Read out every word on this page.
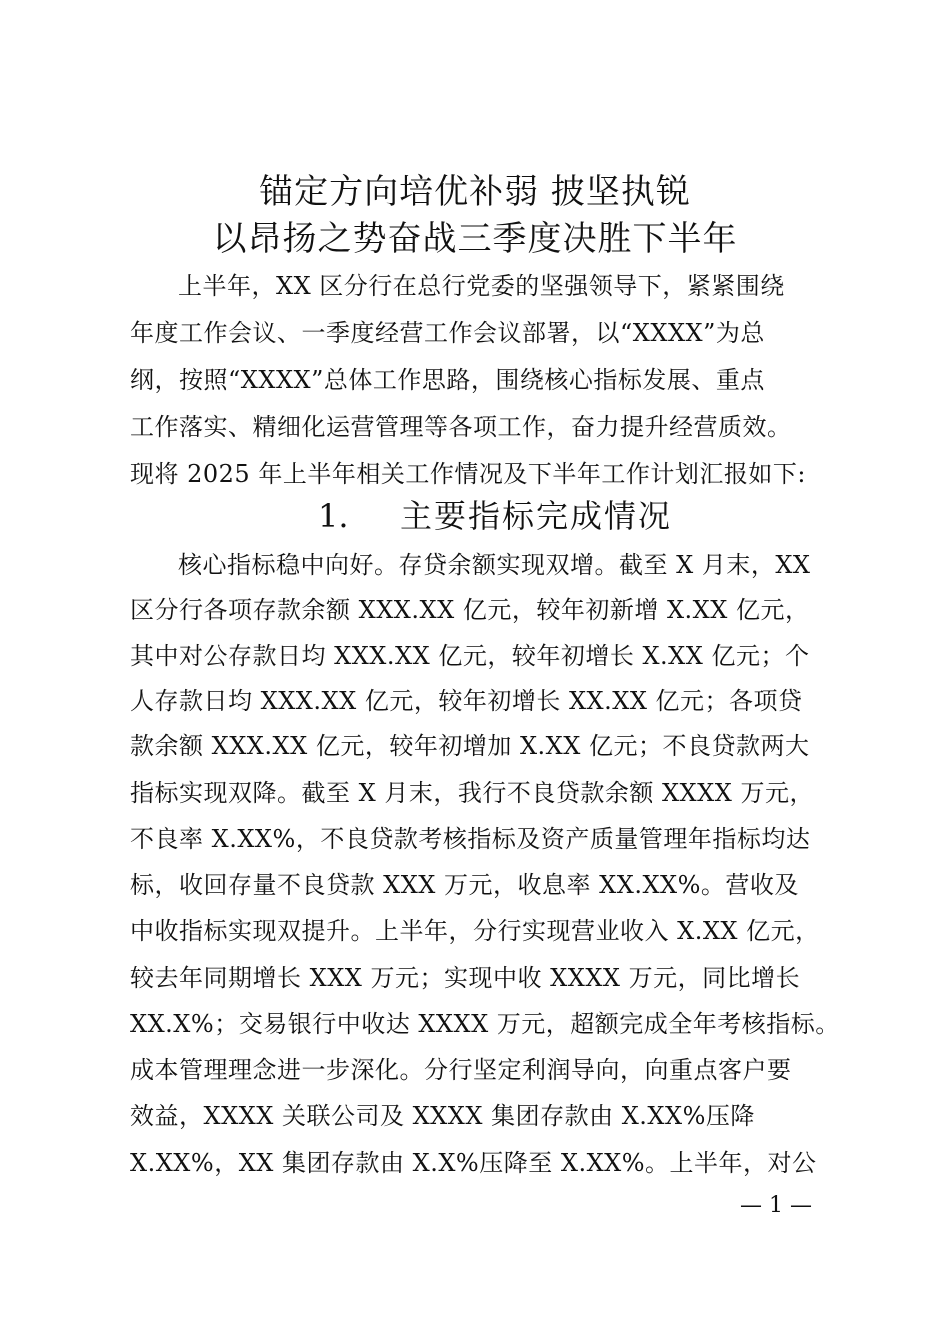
锚定方向培优补弱 披坚执锐
以昂扬之势奋战三季度决胜下半年
上半年，XX 区分行在总行党委的坚强领导下，紧紧围绕
年度工作会议、一季度经营工作会议部署，以“XXXX”为总
纲，按照“XXXX”总体工作思路，围绕核心指标发展、重点
工作落实、精细化运营管理等各项工作，奋力提升经营质效。
现将 2025 年上半年相关工作情况及下半年工作计划汇报如下:
1. 主要指标完成情况
核心指标稳中向好。存贷余额实现双增。截至 X 月末，XX
区分行各项存款余额 XXX.XX 亿元，较年初新增 X.XX 亿元，
其中对公存款日均 XXX.XX 亿元，较年初增长 X.XX 亿元；个
人存款日均 XXX.XX 亿元，较年初增长 XX.XX 亿元；各项贷
款余额 XXX.XX 亿元，较年初增加 X.XX 亿元；不良贷款两大
指标实现双降。截至 X 月末，我行不良贷款余额 XXXX 万元，
不良率 X.XX%，不良贷款考核指标及资产质量管理年指标均达
标，收回存量不良贷款 XXX 万元，收息率 XX.XX%。营收及
中收指标实现双提升。上半年，分行实现营业收入 X.XX 亿元，
较去年同期增长 XXX 万元；实现中收 XXXX 万元，同比增长
XX.X%；交易银行中收达 XXXX 万元，超额完成全年考核指标。
成本管理理念进一步深化。分行坚定利润导向，向重点客户要
效益，XXXX 关联公司及 XXXX 集团存款由 X.XX%压降
X.XX%，XX 集团存款由 X.X%压降至 X.XX%。上半年，对公
— 1 —
